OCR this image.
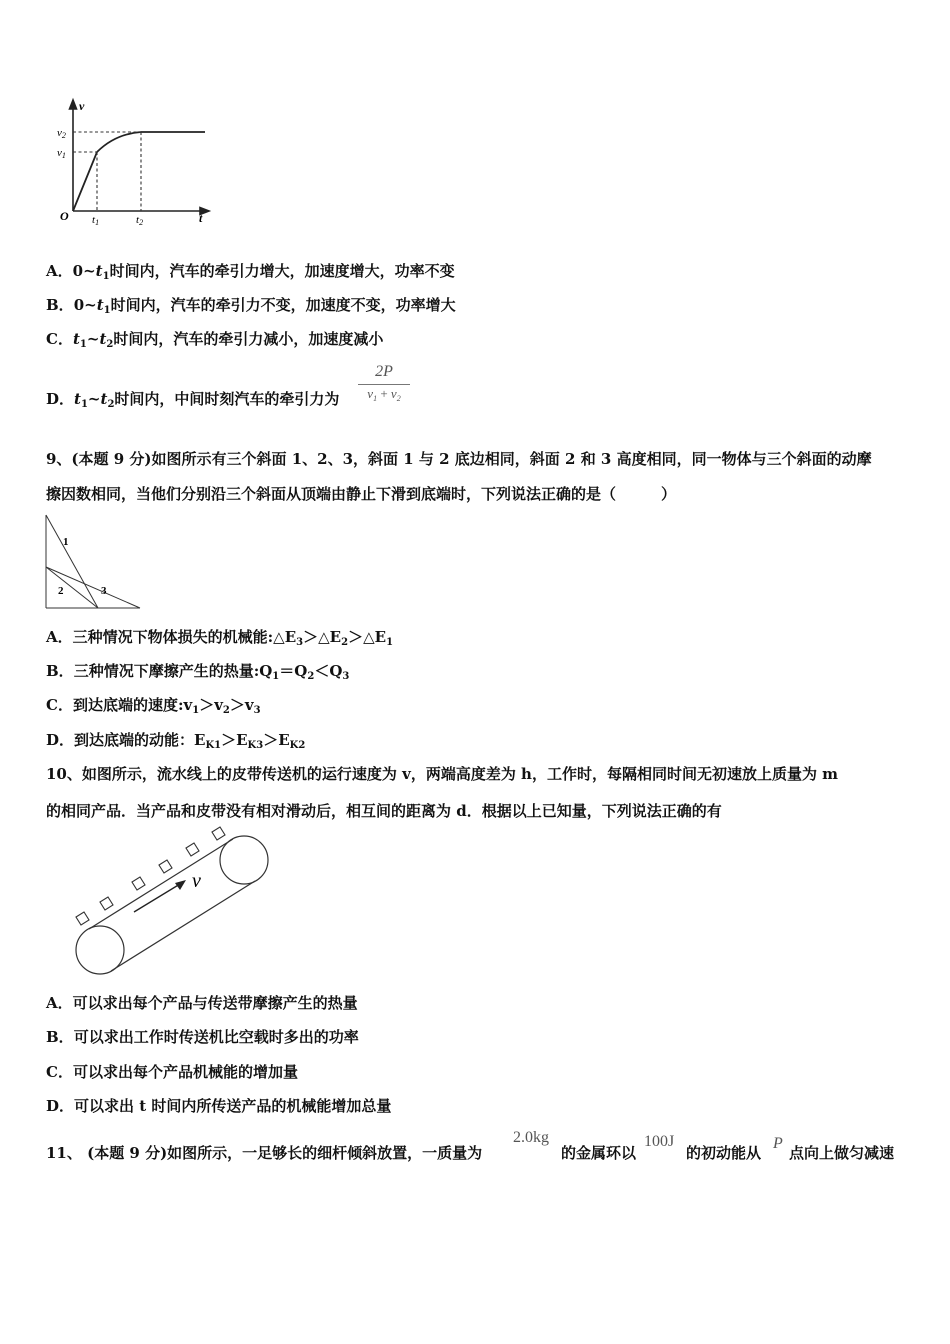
v
t
O
v2
v1
t1	t2
A．$0\sim t_1$时间内，汽车的牵引力增大，加速度增大，功率不变
B．$0\sim t_1$时间内，汽车的牵引力不变，加速度不变，功率增大
C．$t_1\sim t_2$时间内，汽车的牵引力减小，加速度减小
D．$t_1\sim t_2$时间内，中间时刻汽车的牵引力为
2P
$v_1 + v_2$
9、(本题 9 分)如图所示有三个斜面 1、2、3，斜面 1 与 2 底边相同，斜面 2 和 3 高度相同，同一物体与三个斜面的动摩
擦因数相同，当他们分别沿三个斜面从顶端由静止下滑到底端时，下列说法正确的是（　　　）
1
2	3
A．三种情况下物体损失的机械能$:\triangle E_3>\triangle E_2>\triangle E_1$
B．三种情况下摩擦产生的热量$:Q_1=Q_2<Q_3$
C．到达底端的速度$:v_1>v_2>v_3$
D．到达底端的动能：$E_{K1}>E_{K3}>E_{K2}$
10、如图所示，流水线上的皮带传送机的运行速度为 v，两端高度差为 h，工作时，每隔相同时间无初速放上质量为 m
的相同产品．当产品和皮带没有相对滑动后，相互间的距离为 d．根据以上已知量，下列说法正确的有
v
A．可以求出每个产品与传送带摩擦产生的热量
B．可以求出工作时传送机比空载时多出的功率
C．可以求出每个产品机械能的增加量
D．可以求出 t 时间内所传送产品的机械能增加总量
11、 (本题 9 分)如图所示，一足够长的细杆倾斜放置，一质量为
2.0kg
的金属环以
100J
的初动能从
P
点向上做匀减速
